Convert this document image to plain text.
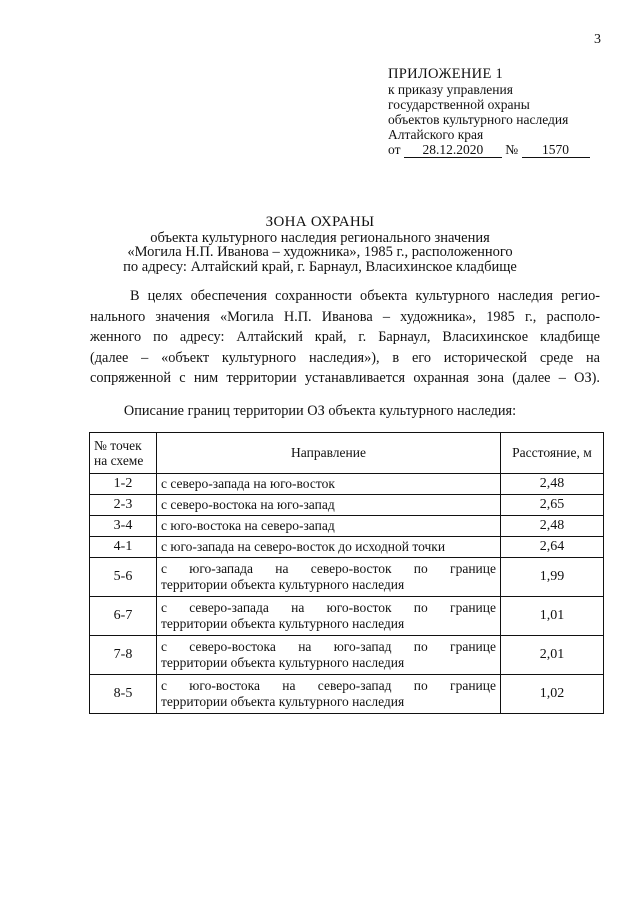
3
ПРИЛОЖЕНИЕ 1
к приказу управления
государственной охраны
объектов культурного наследия
Алтайского края
от 28.12.2020 № 1570
ЗОНА ОХРАНЫ
объекта культурного наследия регионального значения
«Могила Н.П. Иванова – художника», 1985 г., расположенного
по адресу: Алтайский край, г. Барнаул, Власихинское кладбище
В целях обеспечения сохранности объекта культурного наследия регио-
нального значения «Могила Н.П. Иванова – художника», 1985 г., располо-
женного по адресу: Алтайский край, г. Барнаул, Власихинское кладбище
(далее – «объект культурного наследия»), в его исторической среде на
сопряженной с ним территории устанавливается охранная зона (далее – ОЗ).
Описание границ территории ОЗ объекта культурного наследия:
№ точек
на схеме	Направление	Расстояние, м
1-2	с северо-запада на юго-восток	2,48
2-3	с северо-востока на юго-запад	2,65
3-4	с юго-востока на северо-запад	2,48
4-1	с юго-запада на северо-восток до исходной точки	2,64
5-6	с юго-запада на северо-восток по границе
территории объекта культурного наследия	1,99
6-7	с северо-запада на юго-восток по границе
территории объекта культурного наследия	1,01
7-8	с северо-востока на юго-запад по границе
территории объекта культурного наследия	2,01
8-5	с юго-востока на северо-запад по границе
территории объекта культурного наследия	1,02
